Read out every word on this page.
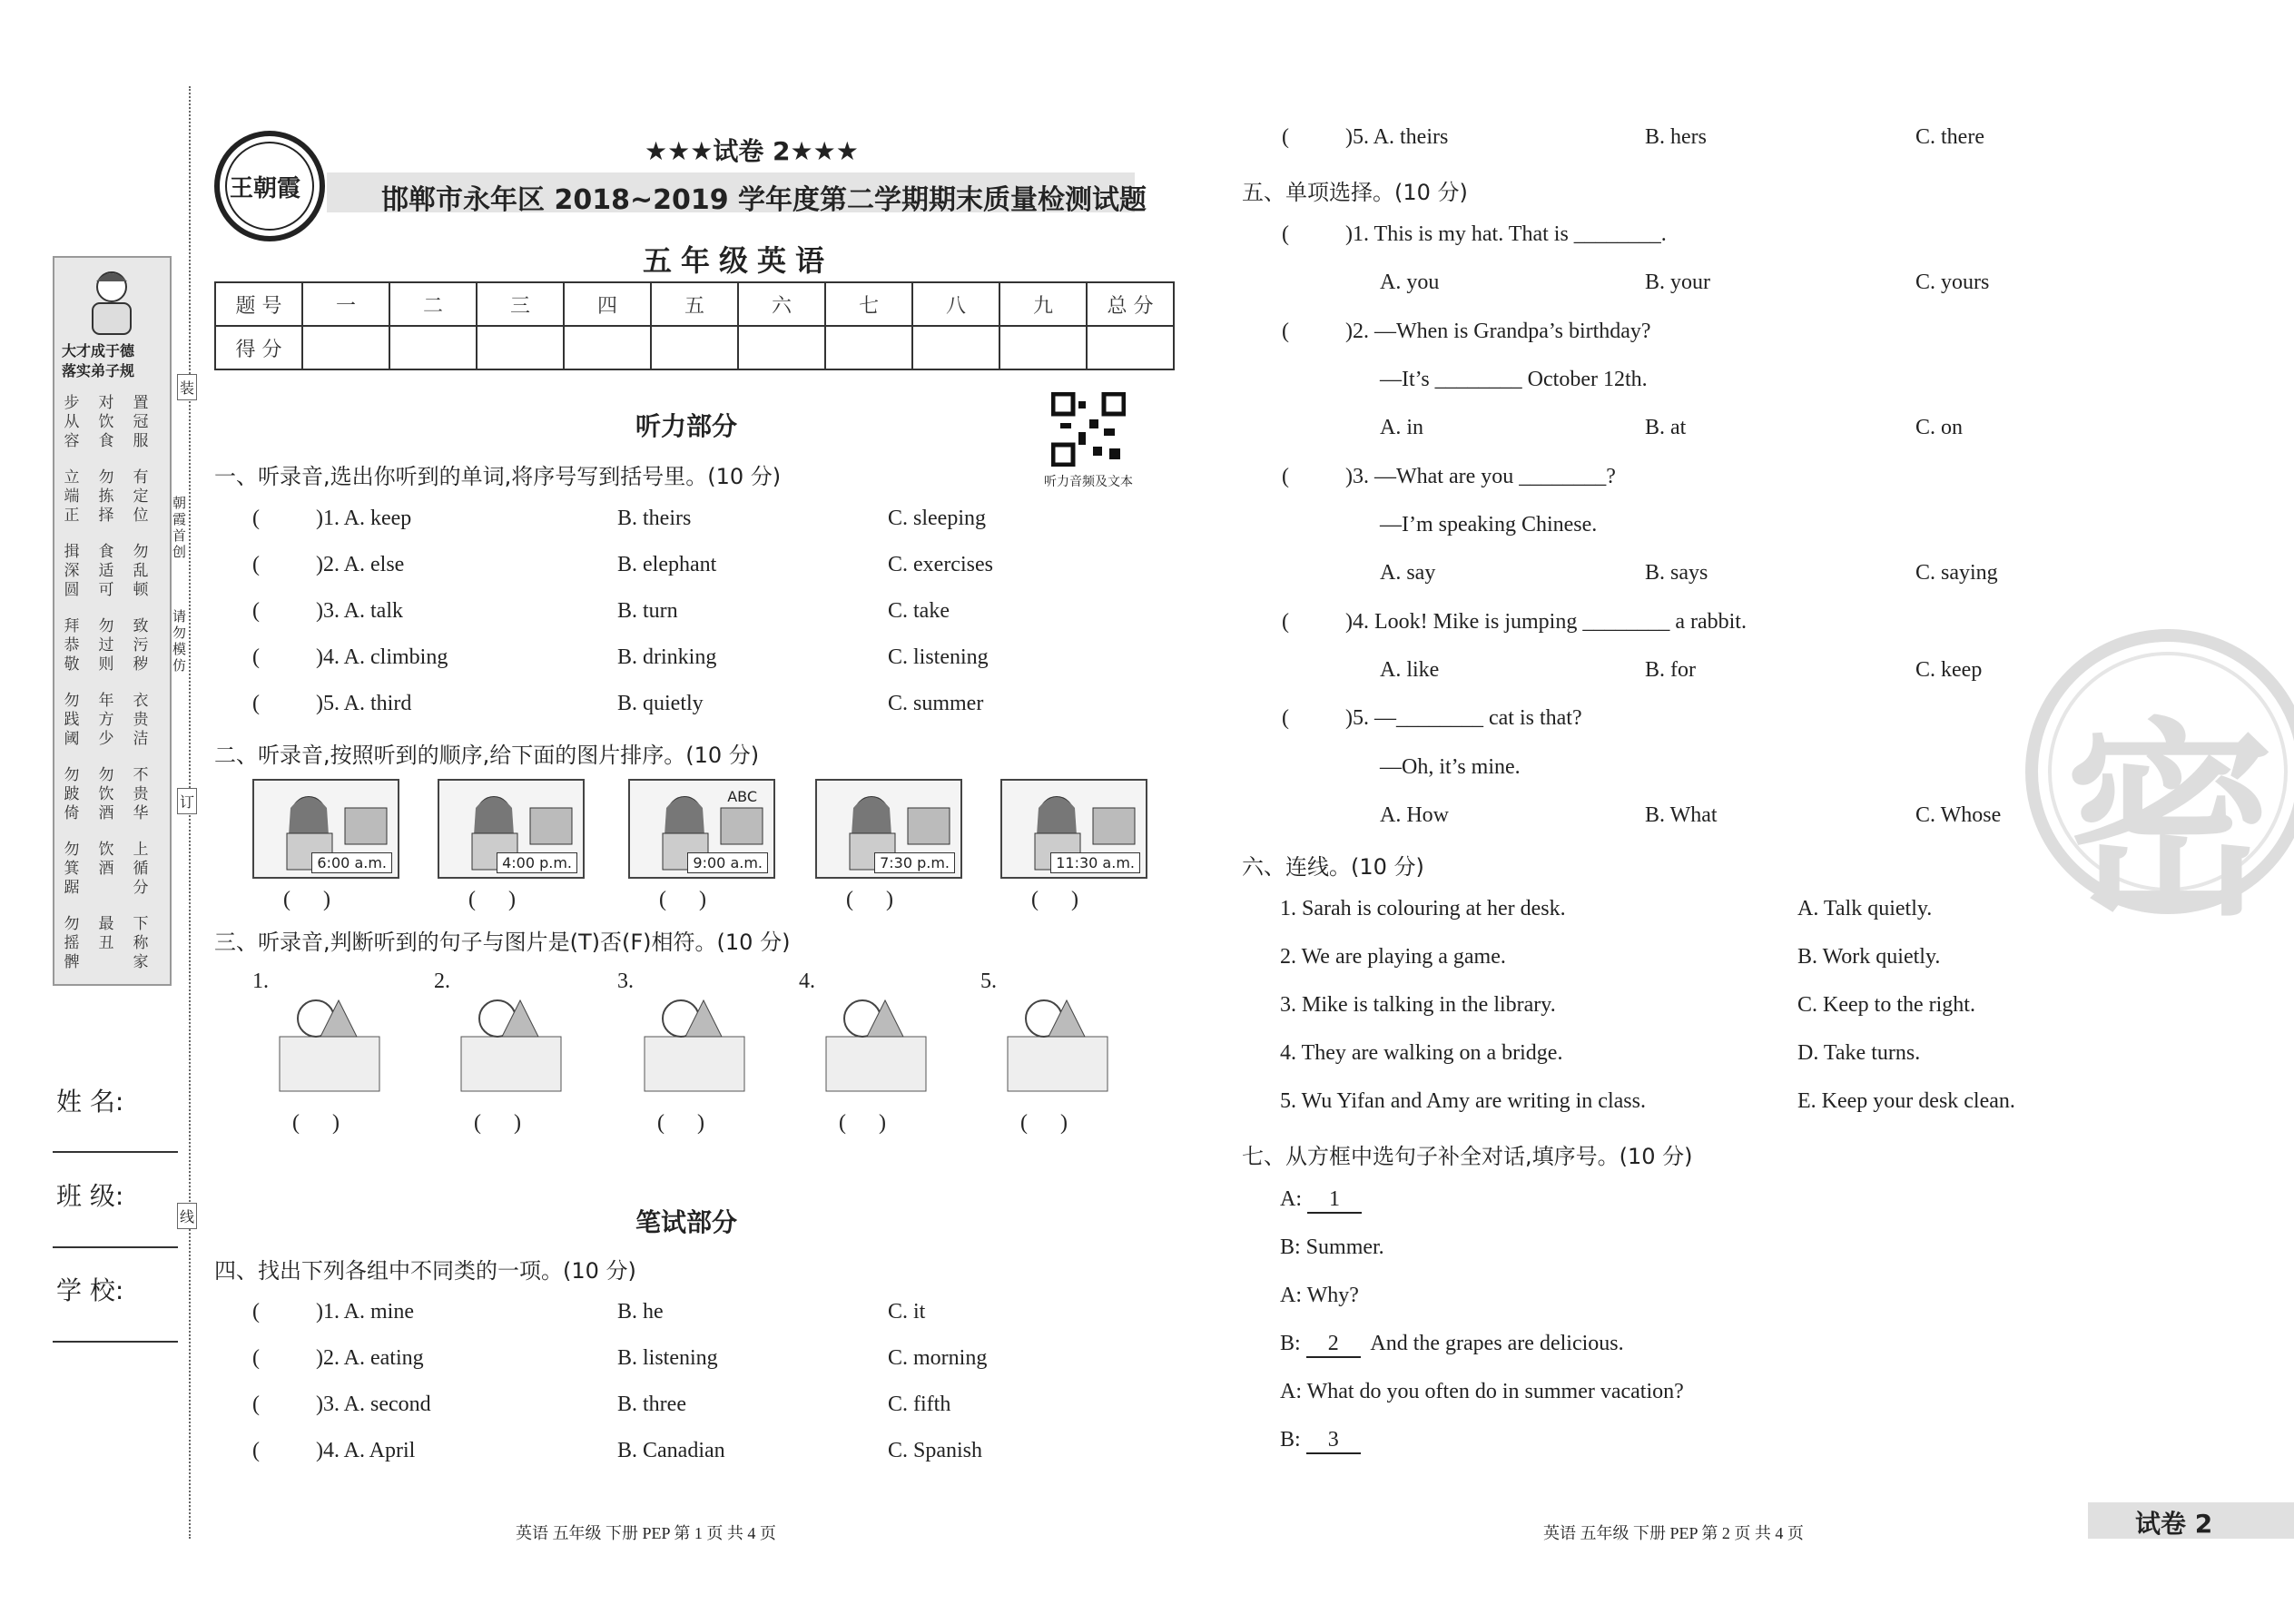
装
订
线
朝霞首创
请勿模仿
大才成于德
落实弟子规
步从容
对饮食
置冠服
立端正
勿拣择
有定位
揖深圆
食适可
勿乱顿
拜恭敬
勿过则
致污秽
勿践阈
年方少
衣贵洁
勿跛倚
勿饮酒
不贵华
勿箕踞
饮酒
上循分
勿摇髀
最丑
下称家
姓 名:
班 级:
学 校:
王朝霞
★★★试卷 2★★★
邯郸市永年区 2018~2019 学年度第二学期期末质量检测试题
五年级英语
题 号	一	二	三	四	五	六	七	八	九	总 分
得 分										
听力音频及文本
听力部分
一、听录音,选出你听到的单词,将序号写到括号里。(10 分)
( )1. A. keep	B. theirs	C. sleeping
( )2. A. else	B. elephant	C. exercises
( )3. A. talk	B. turn	C. take
( )4. A. climbing	B. drinking	C. listening
( )5. A. third	B. quietly	C. summer
二、听录音,按照听到的顺序,给下面的图片排序。(10 分)
6:00 a.m.
(      )
4:00 p.m.
(      )
9:00 a.m.
ABC
(      )
7:30 p.m.
(      )
11:30 a.m.
(      )
三、听录音,判断听到的句子与图片是(T)否(F)相符。(10 分)
1.
(      )
2.
(      )
3.
(      )
4.
(      )
5.
(      )
笔试部分
四、找出下列各组中不同类的一项。(10 分)
( )1. A. mine	B. he	C. it
( )2. A. eating	B. listening	C. morning
( )3. A. second	B. three	C. fifth
( )4. A. April	B. Canadian	C. Spanish
英语 五年级 下册 PEP 第 1 页 共 4 页
密
( )5. A. theirs	B. hers	C. there
五、单项选择。(10 分)
( )1. This is my hat. That is ________.
A. you	B. your	C. yours
( )2. —When is Grandpa’s birthday?
—It’s ________ October 12th.
A. in	B. at	C. on
( )3. —What are you ________?
—I’m speaking Chinese.
A. say	B. says	C. saying
( )4. Look! Mike is jumping ________ a rabbit.
A. like	B. for	C. keep
( )5. —________ cat is that?
—Oh, it’s mine.
A. How	B. What	C. Whose
六、连线。(10 分)
1. Sarah is colouring at her desk.	A. Talk quietly.
2. We are playing a game.	B. Work quietly.
3. Mike is talking in the library.	C. Keep to the right.
4. They are walking on a bridge.	D. Take turns.
5. Wu Yifan and Amy are writing in class.	E. Keep your desk clean.
七、从方框中选句子补全对话,填序号。(10 分)
A: 1
B: Summer.
A: Why?
B: 2  And the grapes are delicious.
A: What do you often do in summer vacation?
B: 3
英语 五年级 下册 PEP 第 2 页 共 4 页	试卷 2
